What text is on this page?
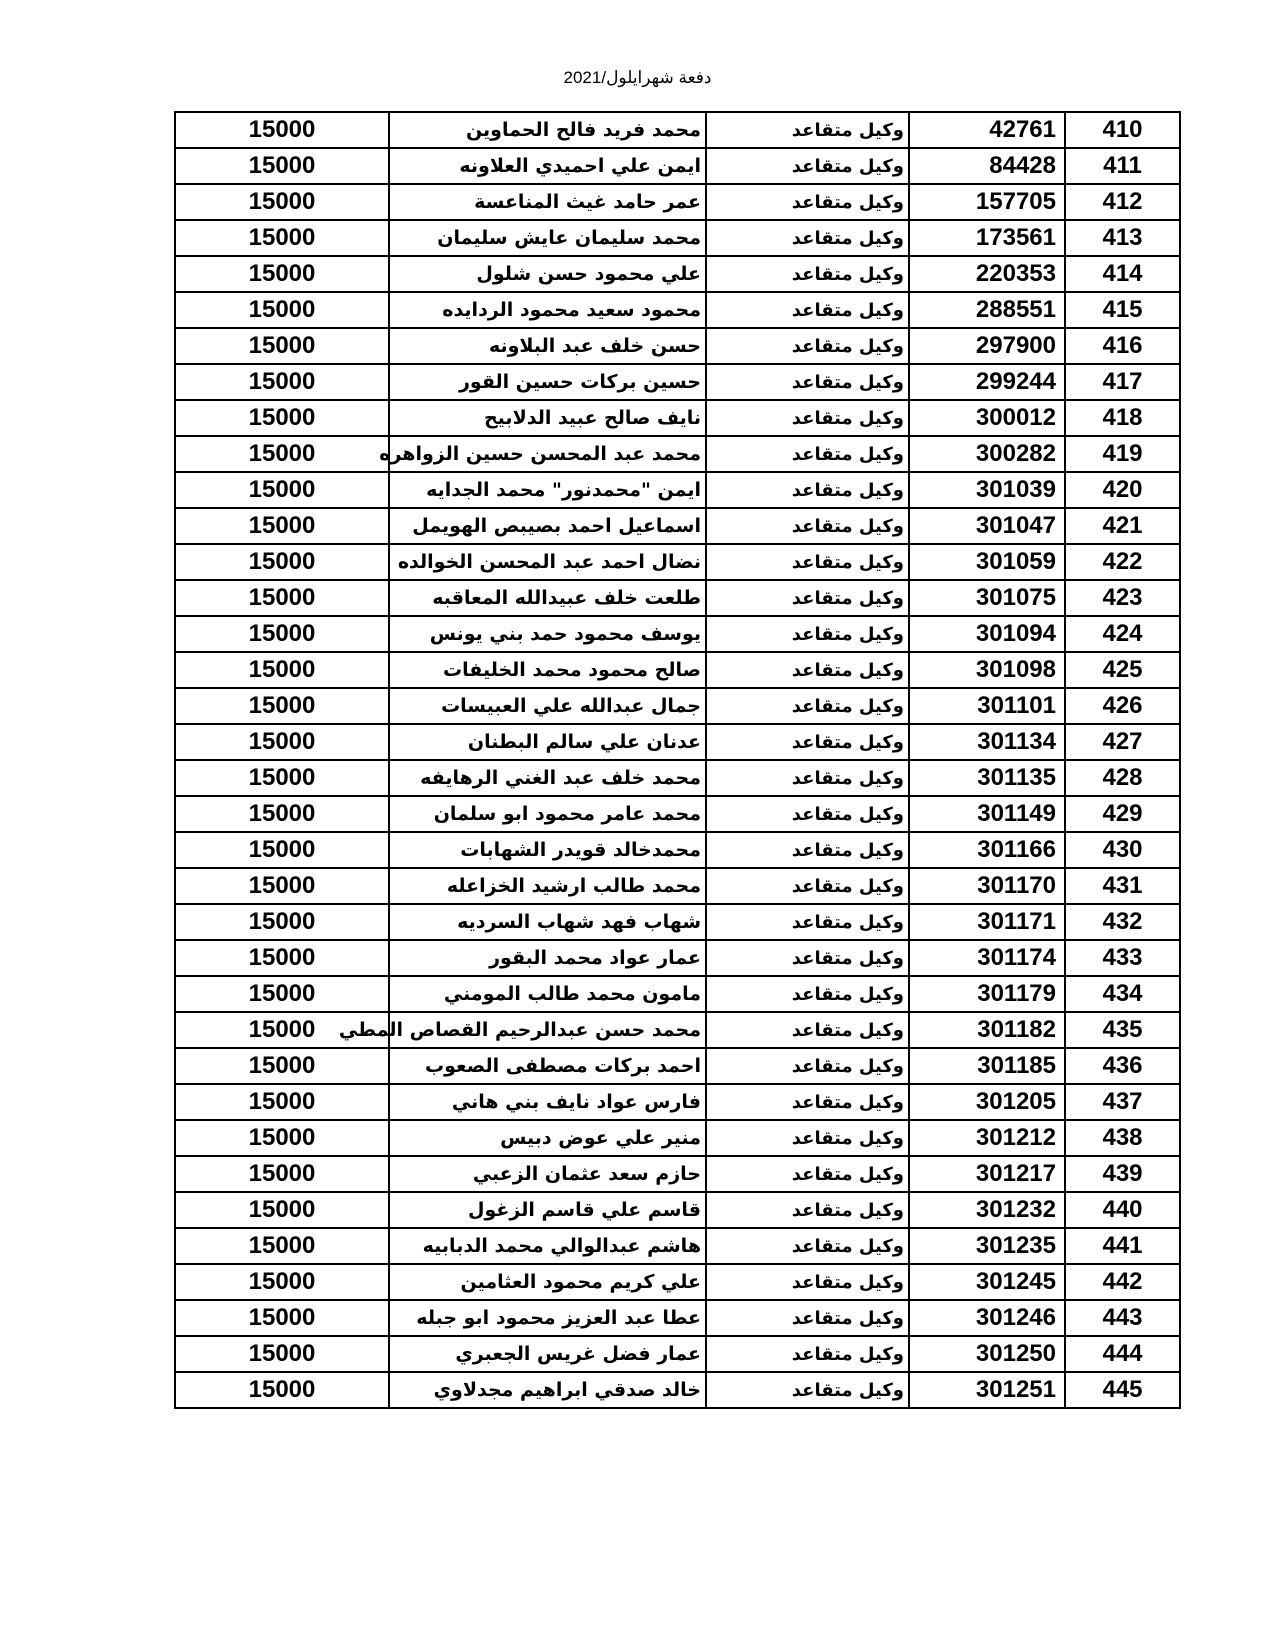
دفعة شهرايلول/2021
15000	محمد فريد فالح الحماوين	وكيل متقاعد	42761	410
15000	ايمن علي احميدي العلاونه	وكيل متقاعد	84428	411
15000	عمر حامد غيث المناعسة	وكيل متقاعد	157705	412
15000	محمد سليمان عايش سليمان	وكيل متقاعد	173561	413
15000	علي محمود حسن شلول	وكيل متقاعد	220353	414
15000	محمود سعيد محمود الردايده	وكيل متقاعد	288551	415
15000	حسن خلف عبد البلاونه	وكيل متقاعد	297900	416
15000	حسين بركات حسين القور	وكيل متقاعد	299244	417
15000	نايف صالح عبيد الدلابيح	وكيل متقاعد	300012	418
15000	محمد عبد المحسن حسين الزواهره	وكيل متقاعد	300282	419
15000	ايمن "محمدنور" محمد الجدايه	وكيل متقاعد	301039	420
15000	اسماعيل احمد بصيبص الهويمل	وكيل متقاعد	301047	421
15000	نضال احمد عبد المحسن الخوالده	وكيل متقاعد	301059	422
15000	طلعت خلف عبيدالله المعاقبه	وكيل متقاعد	301075	423
15000	يوسف محمود حمد بني يونس	وكيل متقاعد	301094	424
15000	صالح محمود محمد الخليفات	وكيل متقاعد	301098	425
15000	جمال عبدالله علي العبيسات	وكيل متقاعد	301101	426
15000	عدنان علي سالم البطنان	وكيل متقاعد	301134	427
15000	محمد خلف عبد الغني الرهايفه	وكيل متقاعد	301135	428
15000	محمد عامر محمود ابو سلمان	وكيل متقاعد	301149	429
15000	محمدخالد قويدر الشهابات	وكيل متقاعد	301166	430
15000	محمد طالب ارشيد الخزاعله	وكيل متقاعد	301170	431
15000	شهاب فهد شهاب السرديه	وكيل متقاعد	301171	432
15000	عمار عواد محمد البقور	وكيل متقاعد	301174	433
15000	مامون محمد طالب المومني	وكيل متقاعد	301179	434
15000	محمد حسن عبدالرحيم القصاص المطي	وكيل متقاعد	301182	435
15000	احمد بركات مصطفى الصعوب	وكيل متقاعد	301185	436
15000	فارس عواد نايف بني هاني	وكيل متقاعد	301205	437
15000	منير علي عوض دبيس	وكيل متقاعد	301212	438
15000	حازم سعد عثمان الزعبي	وكيل متقاعد	301217	439
15000	قاسم علي قاسم الزغول	وكيل متقاعد	301232	440
15000	هاشم عبدالوالي محمد الدبابيه	وكيل متقاعد	301235	441
15000	علي كريم محمود العثامين	وكيل متقاعد	301245	442
15000	عطا عبد العزيز محمود ابو جبله	وكيل متقاعد	301246	443
15000	عمار فضل غريس الجعبري	وكيل متقاعد	301250	444
15000	خالد صدقي ابراهيم مجدلاوي	وكيل متقاعد	301251	445
